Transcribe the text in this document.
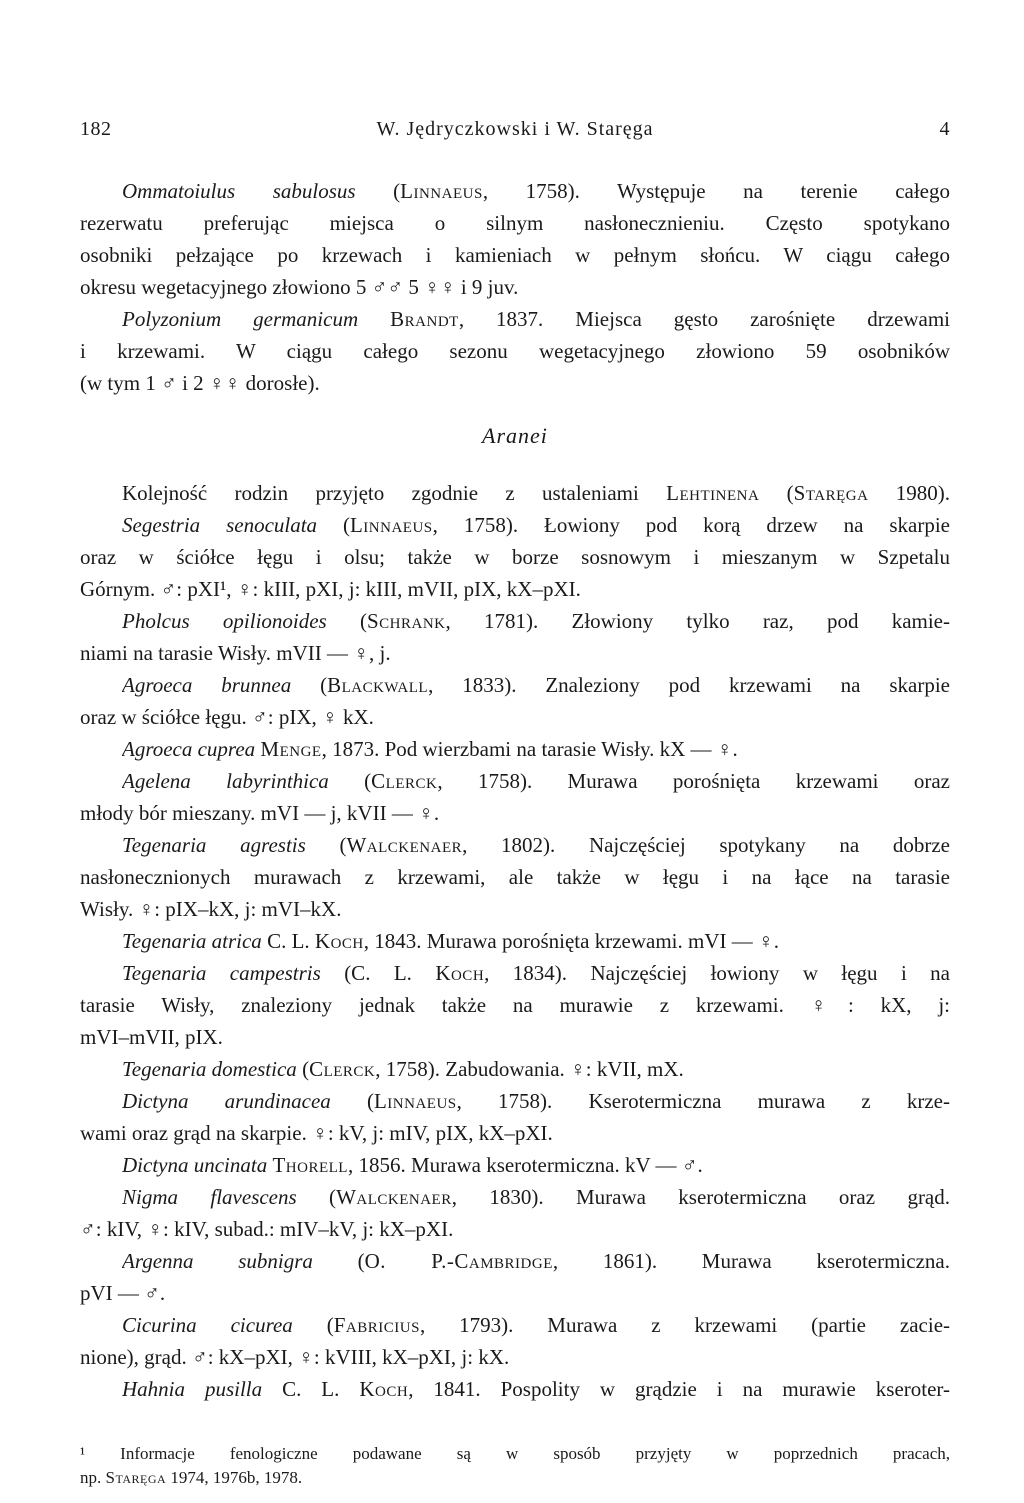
182	W. Jędryczkowski i W. Staręga	4
Ommatoiulus sabulosus (Linnaeus, 1758). Występuje na terenie całego
rezerwatu preferując miejsca o silnym nasłonecznieniu. Często spotykano
osobniki pełzające po krzewach i kamieniach w pełnym słońcu. W ciągu całego
okresu wegetacyjnego złowiono 5 ♂♂ 5 ♀♀ i 9 juv.
Polyzonium germanicum Brandt, 1837. Miejsca gęsto zarośnięte drzewami
i krzewami. W ciągu całego sezonu wegetacyjnego złowiono 59 osobników
(w tym 1 ♂ i 2 ♀♀ dorosłe).
Aranei
Kolejność rodzin przyjęto zgodnie z ustaleniami Lehtinena (Staręga 1980).
Segestria senoculata (Linnaeus, 1758). Łowiony pod korą drzew na skarpie
oraz w ściółce łęgu i olsu; także w borze sosnowym i mieszanym w Szpetalu
Górnym. ♂: pXI¹, ♀: kIII, pXI, j: kIII, mVII, pIX, kX–pXI.
Pholcus opilionoides (Schrank, 1781). Złowiony tylko raz, pod kamie-
niami na tarasie Wisły. mVII — ♀, j.
Agroeca brunnea (Blackwall, 1833). Znaleziony pod krzewami na skarpie
oraz w ściółce łęgu. ♂: pIX, ♀ kX.
Agroeca cuprea Menge, 1873. Pod wierzbami na tarasie Wisły. kX — ♀.
Agelena labyrinthica (Clerck, 1758). Murawa porośnięta krzewami oraz
młody bór mieszany. mVI — j, kVII — ♀.
Tegenaria agrestis (Walckenaer, 1802). Najczęściej spotykany na dobrze
nasłonecznionych murawach z krzewami, ale także w łęgu i na łące na tarasie
Wisły. ♀: pIX–kX, j: mVI–kX.
Tegenaria atrica C. L. Koch, 1843. Murawa porośnięta krzewami. mVI — ♀.
Tegenaria campestris (C. L. Koch, 1834). Najczęściej łowiony w łęgu i na
tarasie Wisły, znaleziony jednak także na murawie z krzewami. ♀: kX, j:
mVI–mVII, pIX.
Tegenaria domestica (Clerck, 1758). Zabudowania. ♀: kVII, mX.
Dictyna arundinacea (Linnaeus, 1758). Kserotermiczna murawa z krze-
wami oraz grąd na skarpie. ♀: kV, j: mIV, pIX, kX–pXI.
Dictyna uncinata Thorell, 1856. Murawa kserotermiczna. kV — ♂.
Nigma flavescens (Walckenaer, 1830). Murawa kserotermiczna oraz grąd.
♂: kIV, ♀: kIV, subad.: mIV–kV, j: kX–pXI.
Argenna subnigra (O. P.-Cambridge, 1861). Murawa kserotermiczna.
pVI — ♂.
Cicurina cicurea (Fabricius, 1793). Murawa z krzewami (partie zacie-
nione), grąd. ♂: kX–pXI, ♀: kVIII, kX–pXI, j: kX.
Hahnia pusilla C. L. Koch, 1841. Pospolity w grądzie i na murawie kseroter-
¹ Informacje fenologiczne podawane są w sposób przyjęty w poprzednich pracach,
np. Staręga 1974, 1976b, 1978.
